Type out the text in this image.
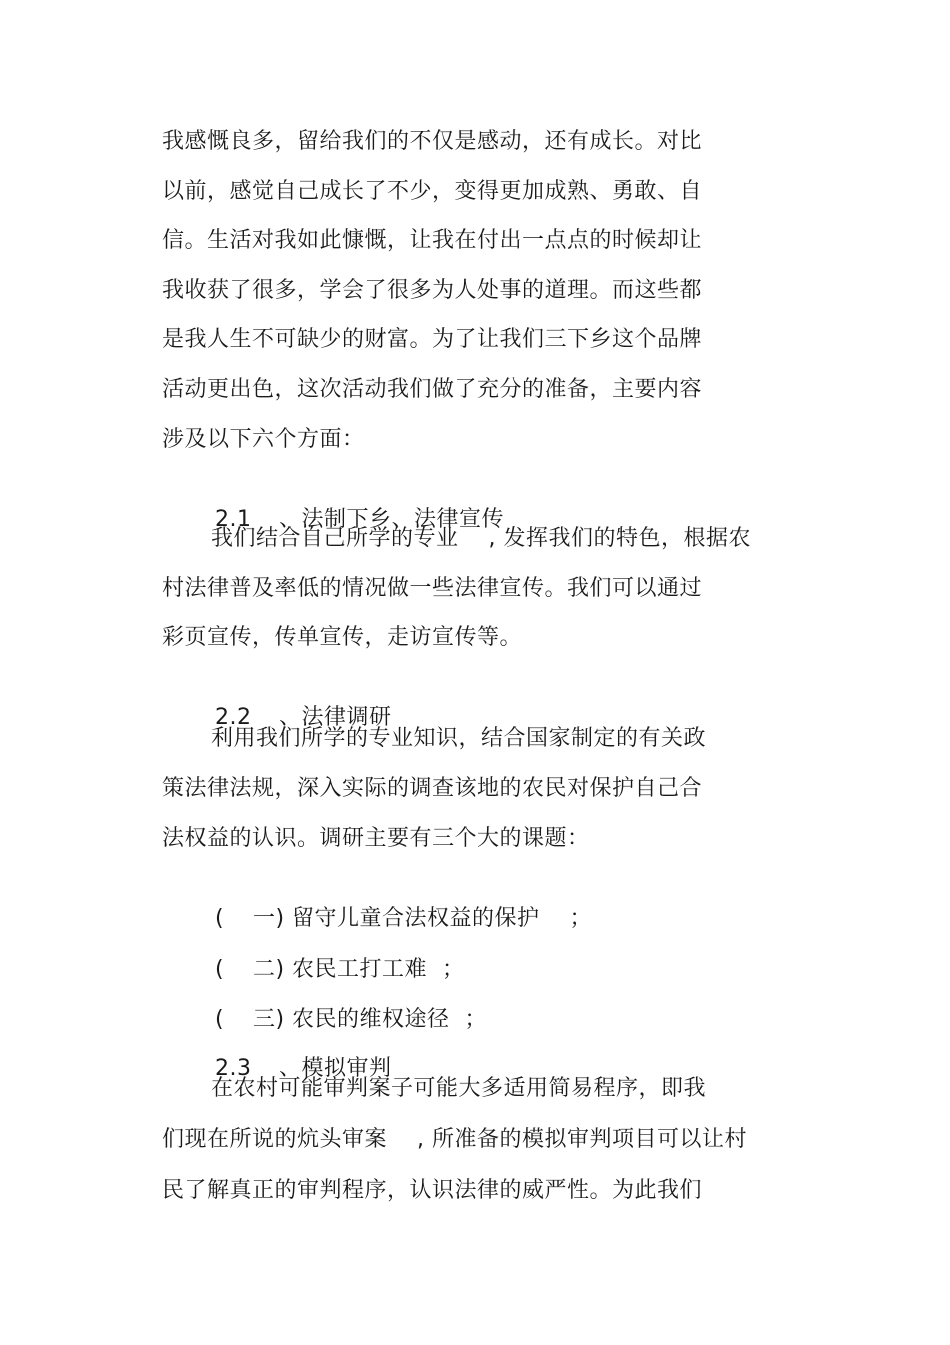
我感慨良多，留给我们的不仅是感动，还有成长。对比
以前，感觉自己成长了不少，变得更加成熟、勇敢、自
信。生活对我如此慷慨，让我在付出一点点的时候却让
我收获了很多，学会了很多为人处事的道理。而这些都
是我人生不可缺少的财富。为了让我们三下乡这个品牌
活动更出色，这次活动我们做了充分的准备，主要内容
涉及以下六个方面：

2.1 、法制下乡、法律宣传

我们结合自己所学的专业    , 发挥我们的特色，根据农
村法律普及率低的情况做一些法律宣传。我们可以通过
彩页宣传，传单宣传，走访宣传等。

2.2 、法律调研

利用我们所学的专业知识，结合国家制定的有关政
策法律法规，深入实际的调查该地的农民对保护自己合
法权益的认识。调研主要有三个大的课题：

( 一) 留守儿童合法权益的保护    ；

( 二) 农民工打工难  ；

( 三) 农民的维权途径  ；

2.3 、模拟审判

在农村可能审判案子可能大多适用简易程序，即我
们现在所说的炕头审案    , 所准备的模拟审判项目可以让村
民了解真正的审判程序，认识法律的威严性。为此我们
